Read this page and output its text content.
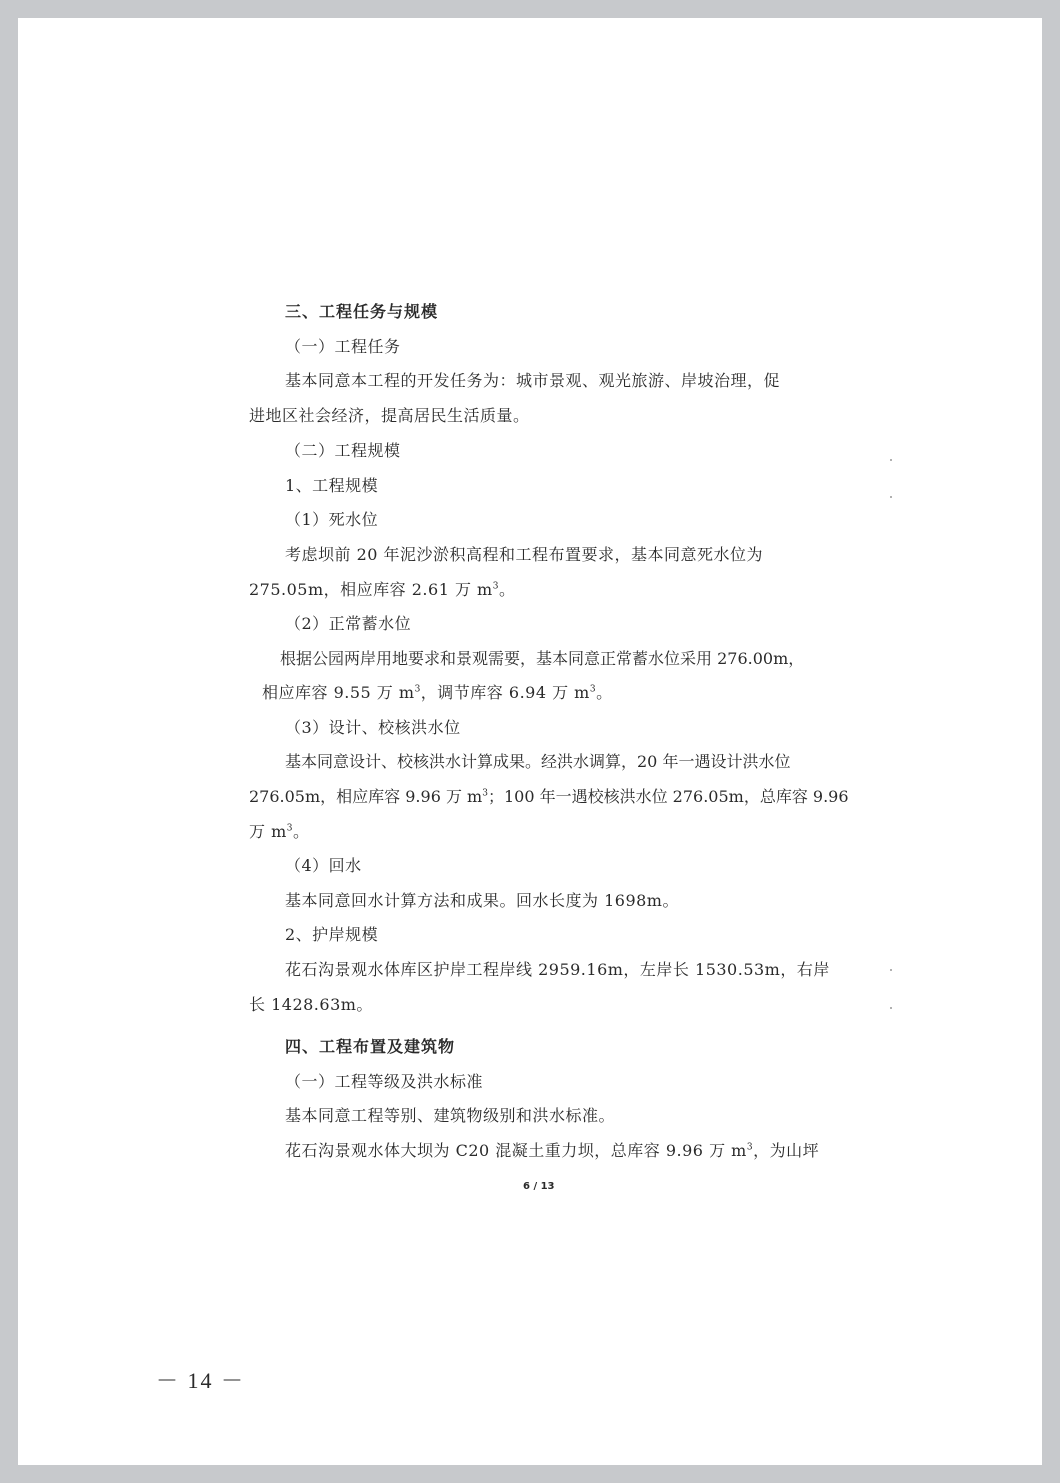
三、工程任务与规模
（一）工程任务
基本同意本工程的开发任务为：城市景观、观光旅游、岸坡治理，促
进地区社会经济，提高居民生活质量。
（二）工程规模
1、工程规模
（1）死水位
考虑坝前 20 年泥沙淤积高程和工程布置要求，基本同意死水位为
275.05m，相应库容 2.61 万 $m^3$。
（2）正常蓄水位
根据公园两岸用地要求和景观需要，基本同意正常蓄水位采用 276.00m，
相应库容 9.55 万 $m^3$，调节库容 6.94 万 $m^3$。
（3）设计、校核洪水位
基本同意设计、校核洪水计算成果。经洪水调算，20 年一遇设计洪水位
276.05m，相应库容 9.96 万 $m^3$；100 年一遇校核洪水位 276.05m，总库容 9.96
万 $m^3$。
（4）回水
基本同意回水计算方法和成果。回水长度为 1698m。
2、护岸规模
花石沟景观水体库区护岸工程岸线 2959.16m，左岸长 1530.53m，右岸
长 1428.63m。
四、工程布置及建筑物
（一）工程等级及洪水标准
基本同意工程等别、建筑物级别和洪水标准。
花石沟景观水体大坝为 C20 混凝土重力坝，总库容 9.96 万 $m^3$，为山坪
6 / 13
－ 14 －
